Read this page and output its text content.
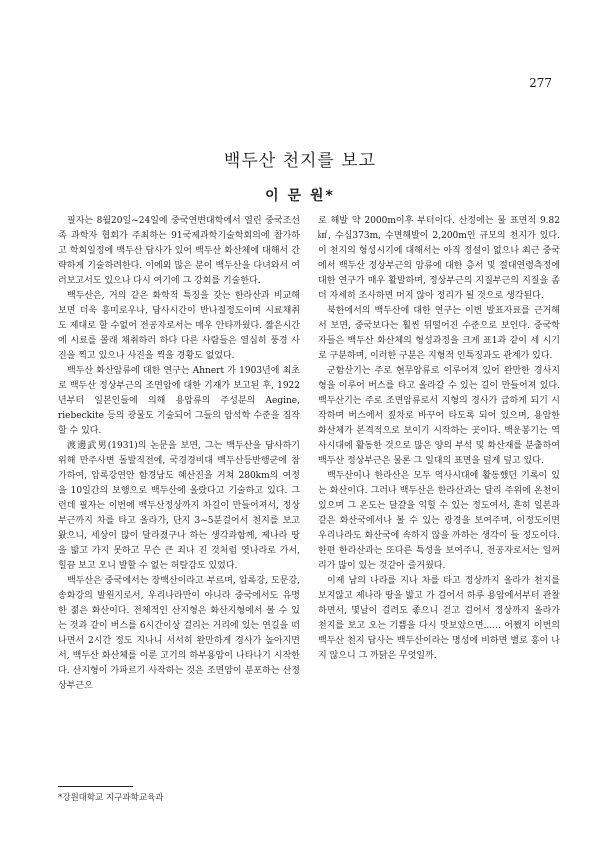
277
백두산 천지를 보고
이 문 원*

필자는 8월20일~24일에 중국연변대학에서 열린 중국조선족 과학자 협회가 주최하는 91국제과학기술학회의에 참가하고 학회일정에 백두산 답사가 있어 백두산 화산체에 대해서 간략하게 기술하려한다. 이에외 많은 분이 백두산을 다녀와서 여러보고서도 있으나 다시 여기에 그 강회를 기술한다.

백두산은, 거의 같은 화학적 특징을 갖는 한라산과 비교해 보면 더욱 흥미로우나, 답사시간이 반나절정도이며 시료채취도 제대로 할 수없어 전공자로서는 매우 안타까웠다. 짧은시간에 시료를 몰래 채취하러 하다 다른 사람들은 열심히 풍경 사진을 찍고 있으나 사진을 찍을 경황도 없었다.

백두산 화산암류에 대한 연구는 Ahnert 가 1903년에 최초로 백두산 정상부근의 조면암에 대한 기재가 보고된 후, 1922년부터 일본인들에 의해 용암류의 주성분의 Aegine, riebeckite 등의 광물도 기술되어 그들의 암석학 수준을 짐작할 수 있다.

渡邊武男(1931)의 논문을 보면, 그는 백두산을 답사하기 위해 만주사변 돌발직전에, 국경경비대 백두산등반행군에 참가하여, 압록강연안 함경남도 혜산진을 거쳐 280km의 여정을 10일간의 보행으로 백두산에 올랐다고 기술하고 있다. 그런데 필자는 이번에 백두산정상까지 차길이 만들어져서, 정상부근까지 차를 타고 올라가, 단지 3~5분걸어서 천지를 보고 왔으니, 세상이 많이 달라졌구나 하는 생각과함께, 제나라 땅을 밟고 가지 못하고 무슨 큰 죄나 진 것처럼 엿나라로 가서, 힐끔 보고 오니 발할 수 없는 허탈감도 있었다.

백두산은 중국에서는 장백산이라고 부르며, 압록강, 도문강, 송화강의 발원지로서, 우리나라만이 아니라 중국에서도 유명한 젊은 화산이다. 전체적인 산지형은 화산지형에서 볼 수 있는 것과 같이 버스를 6시간이상 걸리는 거리에 있는 연길을 떠나면서 2시간 정도 지나니 서서히 완만하게 경사가 높아지면서, 백두산 화산체를 이룬 고기의 하부용암이 나타나기 시작한다. 산지형이 가파르기 사작하는 것은 조면암이 분포하는 산정상부근으

로 해발 약 2000m이후 부터이다. 산정에는 물 표면적 9.82㎢, 수심373m, 수면해발이 2,200m인 규모의 천지가 있다. 이 천지의 형성시기에 대해서는 아직 정설이 없으나 최근 중국에서 백두산 정상부근의 암류에 대한 층서 및 절대연령측정에 대한 연구가 매우 활발하며, 정상부근의 지질부근의 지질을 좀더 자세히 조사하면 머지 않아 정리가 될 것으로 생각된다.

북한에서의 백두산에 대한 연구는 이번 발표자료를 근거해서 보면, 중국보다는 훨씬 뒤떨어진 수준으로 보인다. 중국학자들은 백두산 화산체의 형성과정을 크게 표1과 같이 세 시기로 구분하며, 이러한 구분은 지형적 인특징과도 관계가 있다.

군함산기는 주로 현무암류로 이루어져 있어 완만한 경사지형을 이루어 버스를 타고 올라갈 수 있는 길이 만들어져 있다. 백두산기는 주로 조면암류로서 지형의 경사가 급하게 되기 시작하며 버스에서 짚차로 바꾸어 타도록 되어 있으며, 용암한 화산체가 본격적으로 보이기 시작하는 곳이다. 백운봉기는 역사시대에 활동한 것으로 많은 양의 부석 및 화산재를 분출하여 백두산 정상부근은 물론 그 일대의 표면을 덮게 덮고 있다.

백두산이나 한라산은 모두 역사시대에 활동했던 기록이 있는 화산이다. 그러나 백두산은 한라산과는 달리 주위에 온천이 있으며 그 온도는 달걀을 익힐 수 있는 정도여서, 흔히 일본과 같은 화산국에서나 볼 수 있는 광경을 보여주며, 이정도이면 우리나라도 화산국에 속하지 않을 까하는 생각이 들 정도이다. 한편 한라산과는 또다른 특성을 보여주니, 전공자로서는 일꺼리가 많이 있는 것같아 즐거웠다.

이제 남의 나라를 지나 차를 타고 정상까지 올라가 천지를 보지않고 제나라 땅을 밟고 가 걸어서 하루 용암에서부터 관찰하면서, 몇날이 걸려도 좋으니 걷고 걸어서 정상까지 올라가 천지를 보고 오는 기쁨을 다시 맛보았으면...... 어쨌지 이번의 백두산 천지 답사는 백두산이라는 명성에 비하면 별로 흥이 나지 않으니 그 까닭은 무엇일까.

*강원대학교 지구과학교육과
